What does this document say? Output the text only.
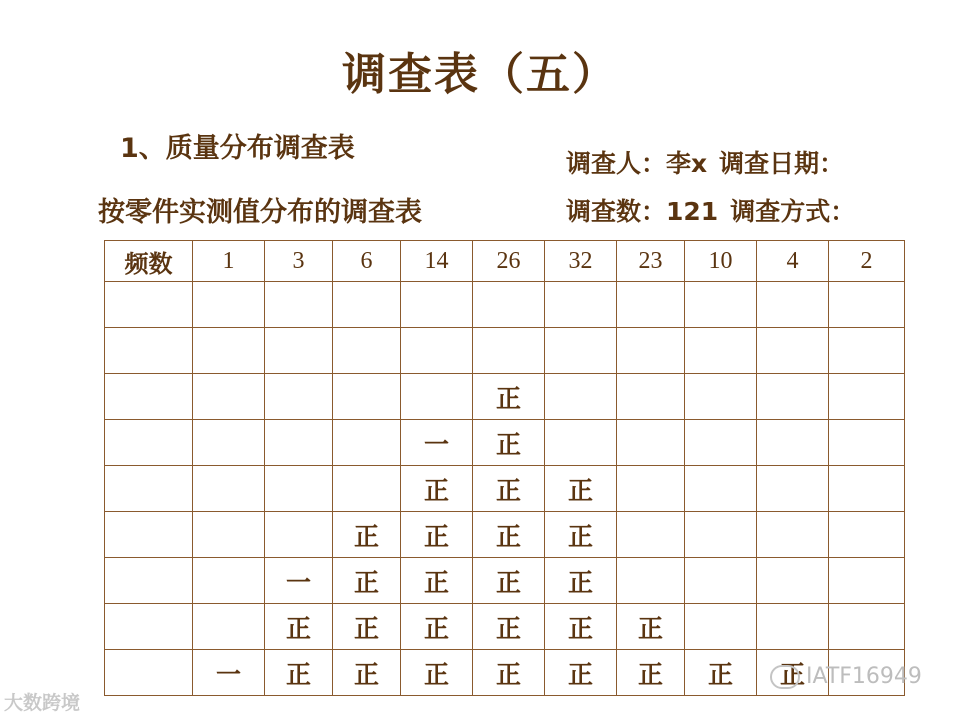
调查表（五）
1、质量分布调查表
按零件实测值分布的调查表
调查人：李x 调查日期：
调查数：121 调查方式：
频数	1	3	6	14	26	32	23	10	4	2

					正					
				一	正					
				正	正	正				
			正	正	正	正				
		一	正	正	正	正				
		正	正	正	正	正	正			
	一	正	正	正	正	正	正	正	正	
大数跨境
IATF16949
